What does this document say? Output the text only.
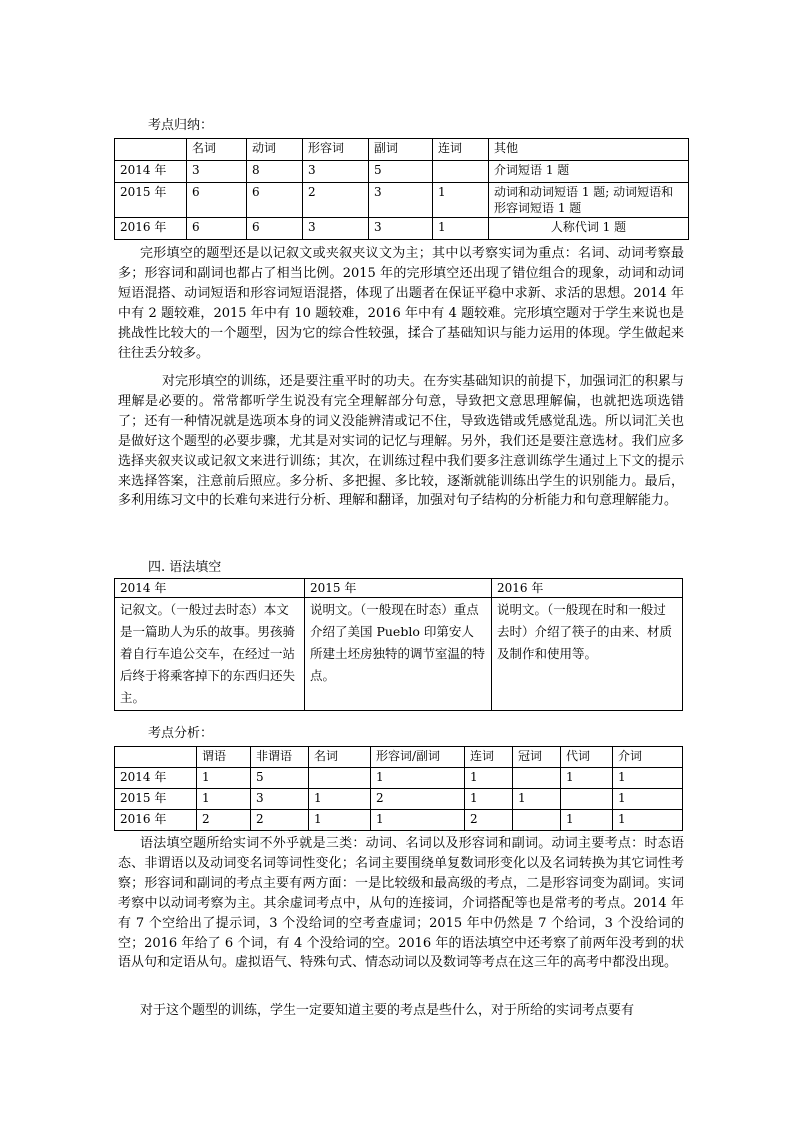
考点归纳：
	名词	动词	形容词	副词	连词	其他
2014 年	3	8	3	5		介词短语 1 题
2015 年	6	6	2	3	1	动词和动词短语 1 题; 动词短语和形容词短语 1 题
2016 年	6	6	3	3	1	人称代词 1 题

完形填空的题型还是以记叙文或夹叙夹议文为主；其中以考察实词为重点：名词、动词考察最多；形容词和副词也都占了相当比例。2015 年的完形填空还出现了错位组合的现象，动词和动词短语混搭、动词短语和形容词短语混搭，体现了出题者在保证平稳中求新、求活的思想。2014 年中有 2 题较难，2015 年中有 10 题较难，2016 年中有 4 题较难。完形填空题对于学生来说也是挑战性比较大的一个题型，因为它的综合性较强，揉合了基础知识与能力运用的体现。学生做起来往往丢分较多。

对完形填空的训练，还是要注重平时的功夫。在夯实基础知识的前提下，加强词汇的积累与理解是必要的。常常都听学生说没有完全理解部分句意，导致把文意思理解偏，也就把选项选错了；还有一种情况就是选项本身的词义没能辨清或记不住，导致选错或凭感觉乱选。所以词汇关也是做好这个题型的必要步骤，尤其是对实词的记忆与理解。另外，我们还是要注意选材。我们应多选择夹叙夹议或记叙文来进行训练；其次，在训练过程中我们要多注意训练学生通过上下文的提示来选择答案，注意前后照应。多分析、多把握、多比较，逐渐就能训练出学生的识别能力。最后，多利用练习文中的长难句来进行分析、理解和翻译，加强对句子结构的分析能力和句意理解能力。

四. 语法填空
2014 年	2015 年	2016 年
记叙文。（一般过去时态）本文是一篇助人为乐的故事。男孩骑着自行车追公交车，在经过一站后终于将乘客掉下的东西归还失主。	说明文。（一般现在时态）重点介绍了美国 Pueblo 印第安人所建土坯房独特的调节室温的特点。	说明文。（一般现在时和一般过去时）介绍了筷子的由来、材质及制作和使用等。
考点分析：
	谓语	非谓语	名词	形容词/副词	连词	冠词	代词	介词
2014 年	1	5		1	1		1	1
2015 年	1	3	1	2	1	1		1
2016 年	2	2	1	1	2		1	1

语法填空题所给实词不外乎就是三类：动词、名词以及形容词和副词。动词主要考点：时态语态、非谓语以及动词变名词等词性变化；名词主要围绕单复数词形变化以及名词转换为其它词性考察；形容词和副词的考点主要有两方面：一是比较级和最高级的考点，二是形容词变为副词。实词考察中以动词考察为主。其余虚词考点中，从句的连接词，介词搭配等也是常考的考点。2014 年有 7 个空给出了提示词，3 个没给词的空考查虚词；2015 年中仍然是 7 个给词，3 个没给词的空；2016 年给了 6 个词，有 4 个没给词的空。2016 年的语法填空中还考察了前两年没考到的状语从句和定语从句。虚拟语气、特殊句式、情态动词以及数词等考点在这三年的高考中都没出现。

对于这个题型的训练，学生一定要知道主要的考点是些什么，对于所给的实词考点要有
